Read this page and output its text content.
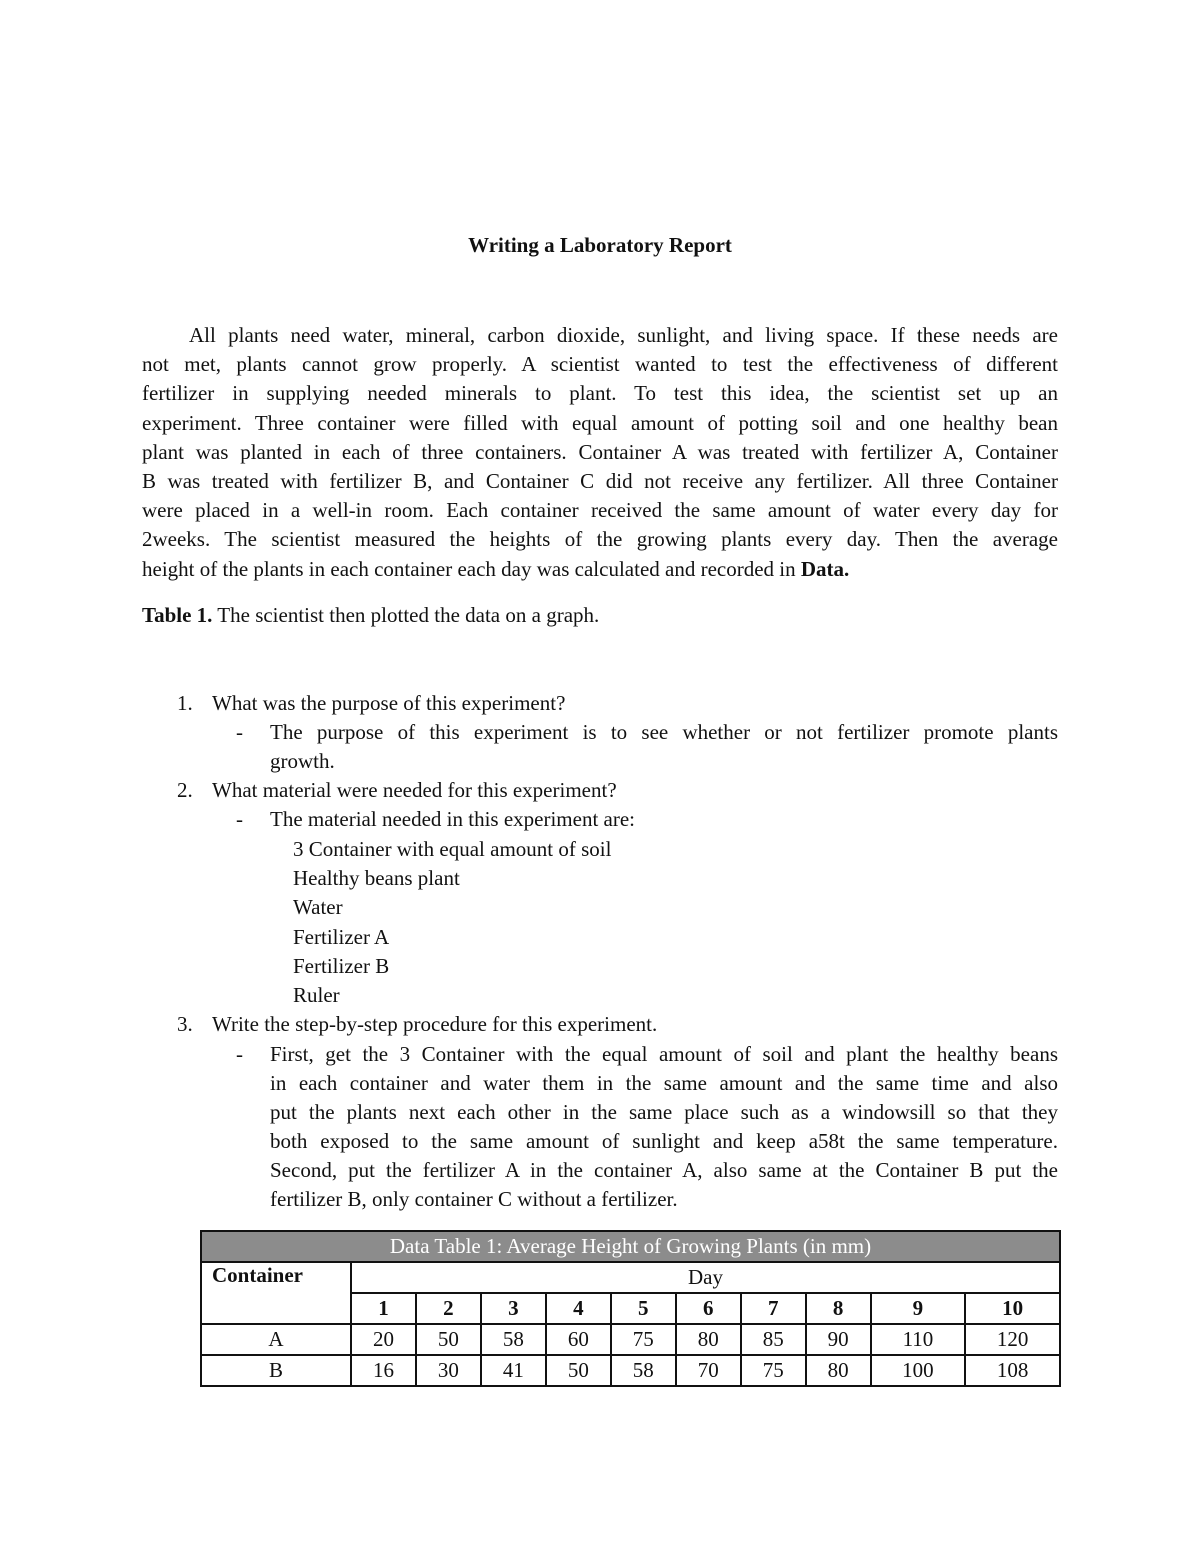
Writing a Laboratory Report
All plants need water, mineral, carbon dioxide, sunlight, and living space. If these needs are
not met, plants cannot grow properly. A scientist wanted to test the effectiveness of different
fertilizer in supplying needed minerals to plant. To test this idea, the scientist set up an
experiment. Three container were filled with equal amount of potting soil and one healthy bean
plant was planted in each of three containers. Container A was treated with fertilizer A, Container
B was treated with fertilizer B, and Container C did not receive any fertilizer. All three Container
were placed in a well-in room. Each container received the same amount of water every day for
2weeks. The scientist measured the heights of the growing plants every day. Then the average
height of the plants in each container each day was calculated and recorded in Data.
Table 1. The scientist then plotted the data on a graph.
1. What was the purpose of this experiment?
- The purpose of this experiment is to see whether or not fertilizer promote plants
growth.
2. What material were needed for this experiment?
- The material needed in this experiment are:
3 Container with equal amount of soil
Healthy beans plant
Water
Fertilizer A
Fertilizer B
Ruler
3. Write the step-by-step procedure for this experiment.
- First, get the 3 Container with the equal amount of soil and plant the healthy beans
in each container and water them in the same amount and the same time and also
put the plants next each other in the same place such as a windowsill so that they
both exposed to the same amount of sunlight and keep a58t the same temperature.
Second, put the fertilizer A in the container A, also same at the Container B put the
fertilizer B, only container C without a fertilizer.
Data Table 1: Average Height of Growing Plants (in mm)										
Container	Day									
	1	2	3	4	5	6	7	8	9	10
A	20	50	58	60	75	80	85	90	110	120
B	16	30	41	50	58	70	75	80	100	108
